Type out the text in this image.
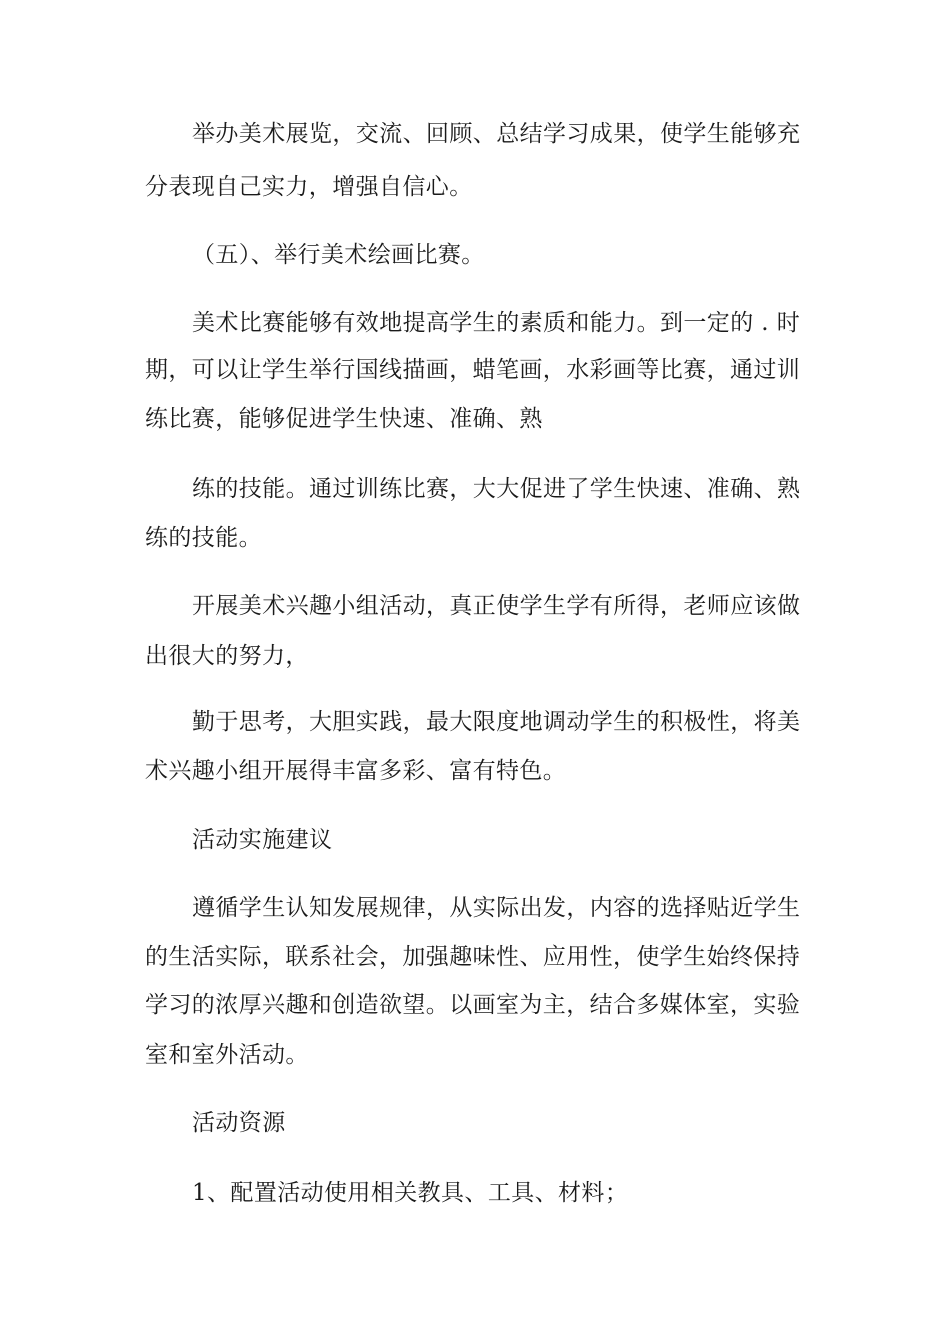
举办美术展览，交流、回顾、总结学习成果，使学生能够充
分表现自己实力，增强自信心。
（五）、举行美术绘画比赛。
美术比赛能够有效地提高学生的素质和能力。到一定的 . 时
期，可以让学生举行国线描画，蜡笔画，水彩画等比赛，通过训
练比赛，能够促进学生快速、准确、熟
练的技能。通过训练比赛，大大促进了学生快速、准确、熟
练的技能。
开展美术兴趣小组活动，真正使学生学有所得，老师应该做
出很大的努力，
勤于思考，大胆实践，最大限度地调动学生的积极性，将美
术兴趣小组开展得丰富多彩、富有特色。
活动实施建议
遵循学生认知发展规律，从实际出发，内容的选择贴近学生
的生活实际，联系社会，加强趣味性、应用性，使学生始终保持
学习的浓厚兴趣和创造欲望。以画室为主，结合多媒体室，实验
室和室外活动。
活动资源
1、配置活动使用相关教具、工具、材料；
